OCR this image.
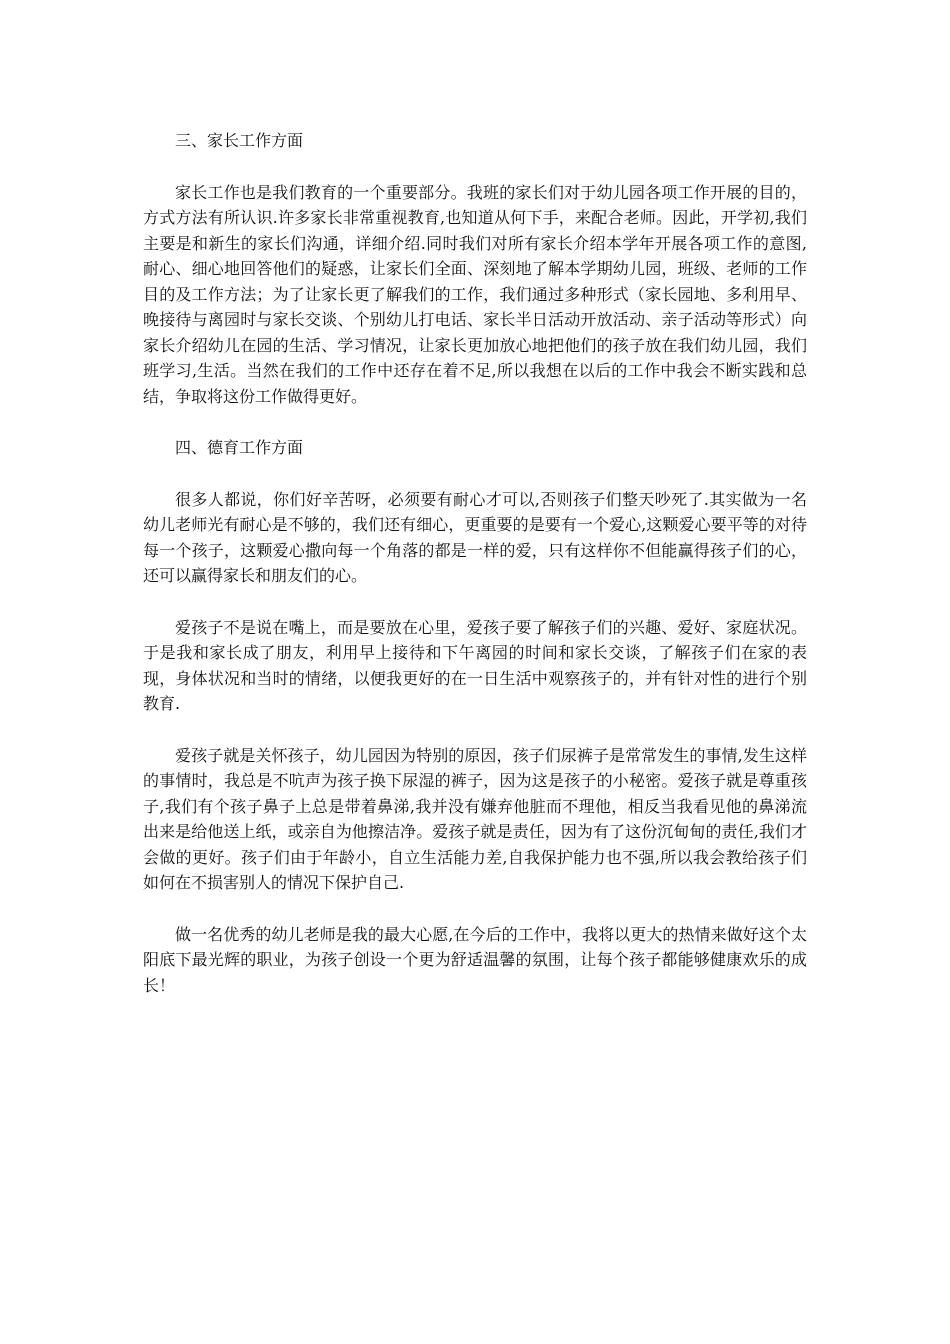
三、家长工作方面

家长工作也是我们教育的一个重要部分。我班的家长们对于幼儿园各项工作开展的目的，方式方法有所认识.许多家长非常重视教育,也知道从何下手，来配合老师。因此，开学初,我们主要是和新生的家长们沟通，详细介绍.同时我们对所有家长介绍本学年开展各项工作的意图,耐心、细心地回答他们的疑惑，让家长们全面、深刻地了解本学期幼儿园，班级、老师的工作目的及工作方法；为了让家长更了解我们的工作，我们通过多种形式（家长园地、多利用早、晚接待与离园时与家长交谈、个别幼儿打电话、家长半日活动开放活动、亲子活动等形式）向家长介绍幼儿在园的生活、学习情况，让家长更加放心地把他们的孩子放在我们幼儿园，我们班学习,生活。当然在我们的工作中还存在着不足,所以我想在以后的工作中我会不断实践和总结，争取将这份工作做得更好。

四、德育工作方面

很多人都说，你们好辛苦呀，必须要有耐心才可以,否则孩子们整天吵死了.其实做为一名幼儿老师光有耐心是不够的，我们还有细心，更重要的是要有一个爱心,这颗爱心要平等的对待每一个孩子，这颗爱心撒向每一个角落的都是一样的爱，只有这样你不但能赢得孩子们的心，还可以赢得家长和朋友们的心。

爱孩子不是说在嘴上，而是要放在心里，爱孩子要了解孩子们的兴趣、爱好、家庭状况。于是我和家长成了朋友，利用早上接待和下午离园的时间和家长交谈，了解孩子们在家的表现，身体状况和当时的情绪，以便我更好的在一日生活中观察孩子的，并有针对性的进行个别教育.

爱孩子就是关怀孩子，幼儿园因为特别的原因，孩子们尿裤子是常常发生的事情,发生这样的事情时，我总是不吭声为孩子换下尿湿的裤子，因为这是孩子的小秘密。爱孩子就是尊重孩子,我们有个孩子鼻子上总是带着鼻涕,我并没有嫌弃他脏而不理他，相反当我看见他的鼻涕流出来是给他送上纸，或亲自为他擦洁净。爱孩子就是责任，因为有了这份沉甸甸的责任,我们才会做的更好。孩子们由于年龄小，自立生活能力差,自我保护能力也不强,所以我会教给孩子们如何在不损害别人的情况下保护自己.

做一名优秀的幼儿老师是我的最大心愿,在今后的工作中，我将以更大的热情来做好这个太阳底下最光辉的职业，为孩子创设一个更为舒适温馨的氛围，让每个孩子都能够健康欢乐的成长！
